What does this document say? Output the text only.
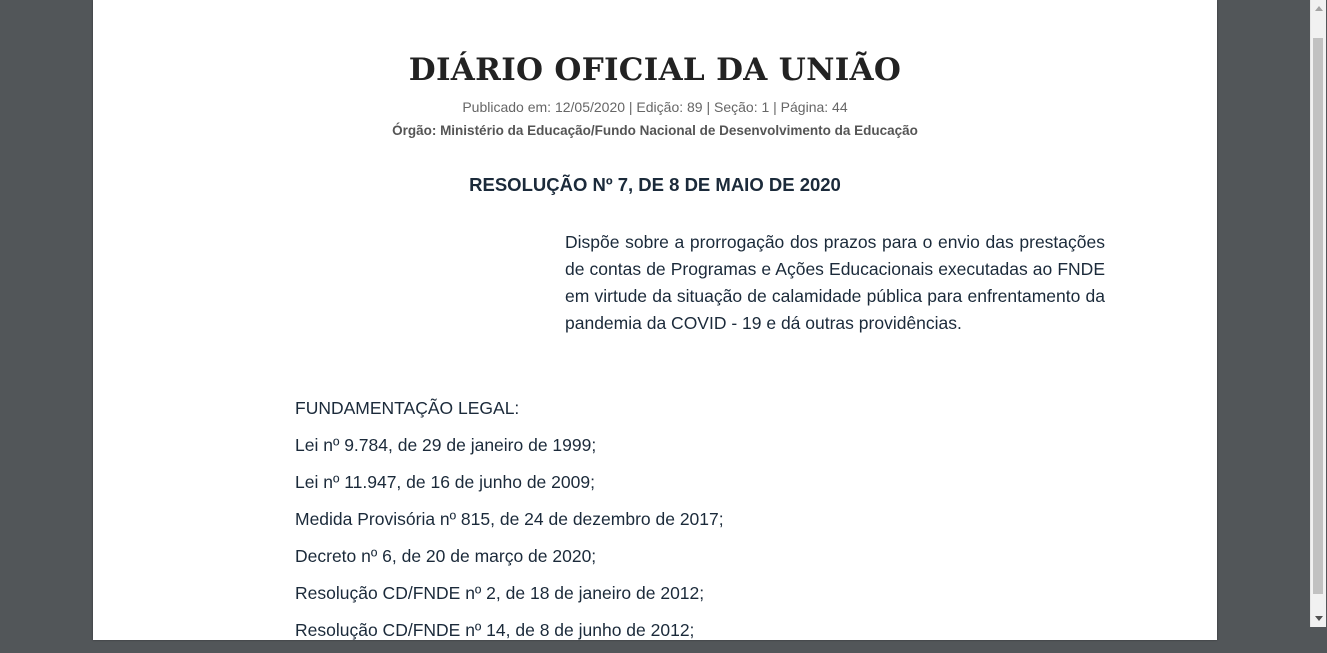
DIÁRIO OFICIAL DA UNIÃO
Publicado em: 12/05/2020 | Edição: 89 | Seção: 1 | Página: 44
Órgão: Ministério da Educação/Fundo Nacional de Desenvolvimento da Educação
RESOLUÇÃO Nº 7, DE 8 DE MAIO DE 2020

Dispõe sobre a prorrogação dos prazos para o envio das prestações de contas de Programas e Ações Educacionais executadas ao FNDE em virtude da situação de calamidade pública para enfrentamento da pandemia da COVID - 19 e dá outras providências.

FUNDAMENTAÇÃO LEGAL:

Lei nº 9.784, de 29 de janeiro de 1999;

Lei nº 11.947, de 16 de junho de 2009;

Medida Provisória nº 815, de 24 de dezembro de 2017;

Decreto nº 6, de 20 de março de 2020;

Resolução CD/FNDE nº 2, de 18 de janeiro de 2012;

Resolução CD/FNDE nº 14, de 8 de junho de 2012;
